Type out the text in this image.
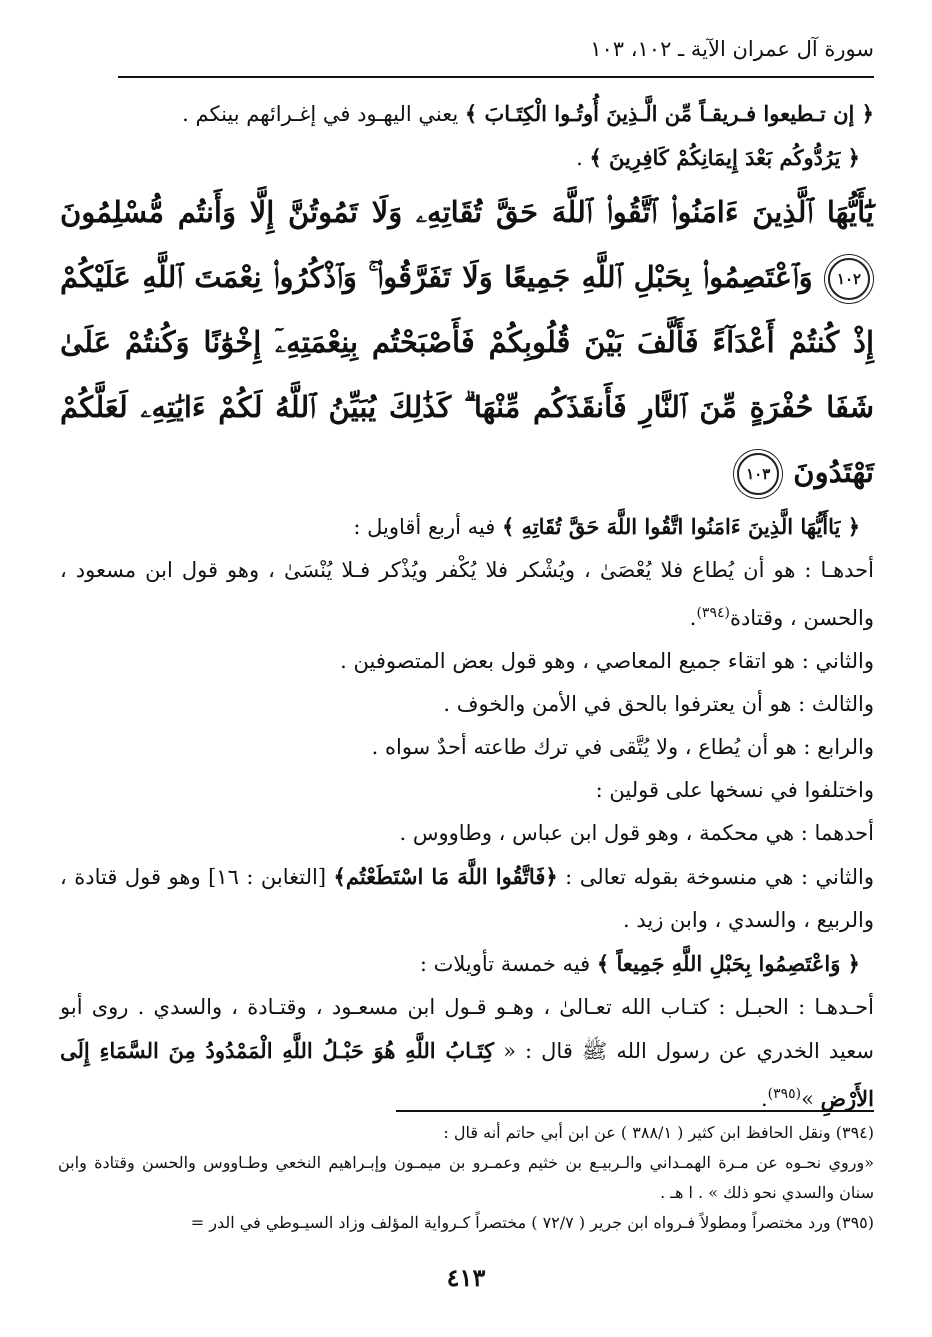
سورة آل عمران الآية ـ ١٠٢، ١٠٣

﴿ إن تـطيعوا فـريقـاً مِّن الَّـذِينَ أُوتُـوا الْكِتَـابَ ﴾ يعني اليهـود في إغـرائهم بينكم .

﴿ يَرُدُّوكُم بَعْدَ إِيمَانِكُمْ كَافِرِينَ ﴾ .

يَٰٓأَيُّهَا ٱلَّذِينَ ءَامَنُوا۟ ٱتَّقُوا۟ ٱللَّهَ حَقَّ تُقَاتِهِۦ وَلَا تَمُوتُنَّ إِلَّا وَأَنتُم مُّسْلِمُونَ ١٠٢ وَٱعْتَصِمُوا۟ بِحَبْلِ ٱللَّهِ جَمِيعًا وَلَا تَفَرَّقُوا۟ ۚ وَٱذْكُرُوا۟ نِعْمَتَ ٱللَّهِ عَلَيْكُمْ إِذْ كُنتُمْ أَعْدَآءً فَأَلَّفَ بَيْنَ قُلُوبِكُمْ فَأَصْبَحْتُم بِنِعْمَتِهِۦٓ إِخْوَٰنًا وَكُنتُمْ عَلَىٰ شَفَا حُفْرَةٍ مِّنَ ٱلنَّارِ فَأَنقَذَكُم مِّنْهَا ۗ كَذَٰلِكَ يُبَيِّنُ ٱللَّهُ لَكُمْ ءَايَٰتِهِۦ لَعَلَّكُمْ تَهْتَدُونَ ١٠٣

﴿ يَاأَيُّهَا الَّذِينَ ءَامَنُوا اتَّقُوا اللَّهَ حَقَّ تُقَاتِهِ ﴾ فيه أربع أقاويل :

أحدهـا : هو أن يُطاع فلا يُعْصَىٰ ، ويُشْكر فلا يُكْفر ويُذْكر فـلا يُنْسَىٰ ، وهو قول ابن مسعود ، والحسن ، وقتادة$^{(٣٩٤)}$.

والثاني : هو اتقاء جميع المعاصي ، وهو قول بعض المتصوفين .

والثالث : هو أن يعترفوا بالحق في الأمن والخوف .

والرابع : هو أن يُطاع ، ولا يُتَّقى في ترك طاعته أحدٌ سواه .

واختلفوا في نسخها على قولين :

أحدهما : هي محكمة ، وهو قول ابن عباس ، وطاووس .

والثاني : هي منسوخة بقوله تعالى : ﴿فَاتَّقُوا اللَّهَ مَا اسْتَطَعْتُم﴾ [التغابن : ١٦] وهو قول قتادة ، والربيع ، والسدي ، وابن زيد .

﴿ وَاعْتَصِمُوا بِحَبْلِ اللَّهِ جَمِيعاً ﴾ فيه خمسة تأويلات :

أحـدهـا : الحبـل : كتـاب الله تعـالىٰ ، وهـو قـول ابن مسعـود ، وقتـادة ، والسدي . روى أبو سعيد الخدري عن رسول الله ﷺ قال : « كِتَـابُ اللَّهِ هُوَ حَبْـلُ اللَّهِ الْمَمْدُودُ مِنَ السَّمَاءِ إِلَى الأَرْضِ »$^{(٣٩٥)}$.

(٣٩٤) ونقل الحافظ ابن كثير ( ٣٨٨/١ ) عن ابن أبي حاتم أنه قال :

«وروي نحـوه عن مـرة الهمـداني والـربيـع بن خثيم وعمـرو بن ميمـون وإبـراهيم النخعي وطـاووس والحسن وقتادة وابن سنان والسدي نحو ذلك » . ا هـ .

(٣٩٥) ورد مختصراً ومطولاً فـرواه ابن جرير ( ٧٢/٧ ) مختصراً كـرواية المؤلف وزاد السيـوطي في الدر =

٤١٣
